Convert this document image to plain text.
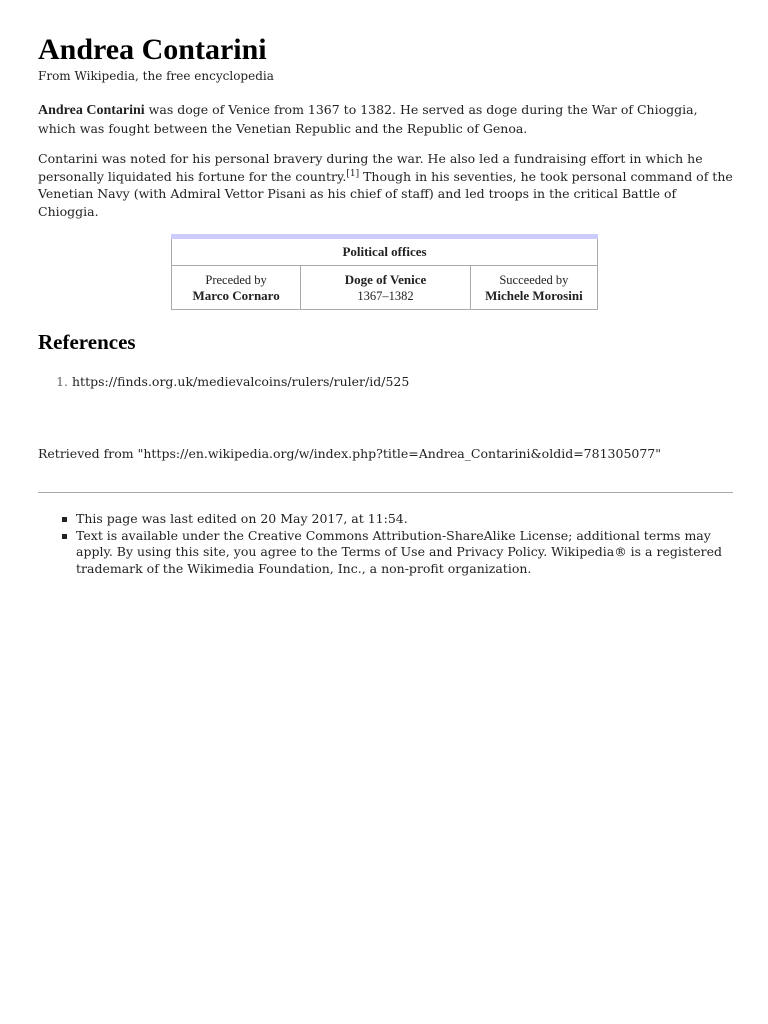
Andrea Contarini
From Wikipedia, the free encyclopedia

Andrea Contarini was doge of Venice from 1367 to 1382. He served as doge during the War of Chioggia, which was fought between the Venetian Republic and the Republic of Genoa.

Contarini was noted for his personal bravery during the war. He also led a fundraising effort in which he personally liquidated his fortune for the country.[1] Though in his seventies, he took personal command of the Venetian Navy (with Admiral Vettor Pisani as his chief of staff) and led troops in the critical Battle of Chioggia.

Political offices

Preceded by
Marco Cornaro

Doge of Venice
1367–1382

Succeeded by
Michele Morosini
References
1. https://finds.org.uk/medievalcoins/rulers/ruler/id/525
Retrieved from "https://en.wikipedia.org/w/index.php?title=Andrea_Contarini&oldid=781305077"
This page was last edited on 20 May 2017, at 11:54.
Text is available under the Creative Commons Attribution-ShareAlike License; additional terms may apply. By using this site, you agree to the Terms of Use and Privacy Policy. Wikipedia® is a registered trademark of the Wikimedia Foundation, Inc., a non-profit organization.
